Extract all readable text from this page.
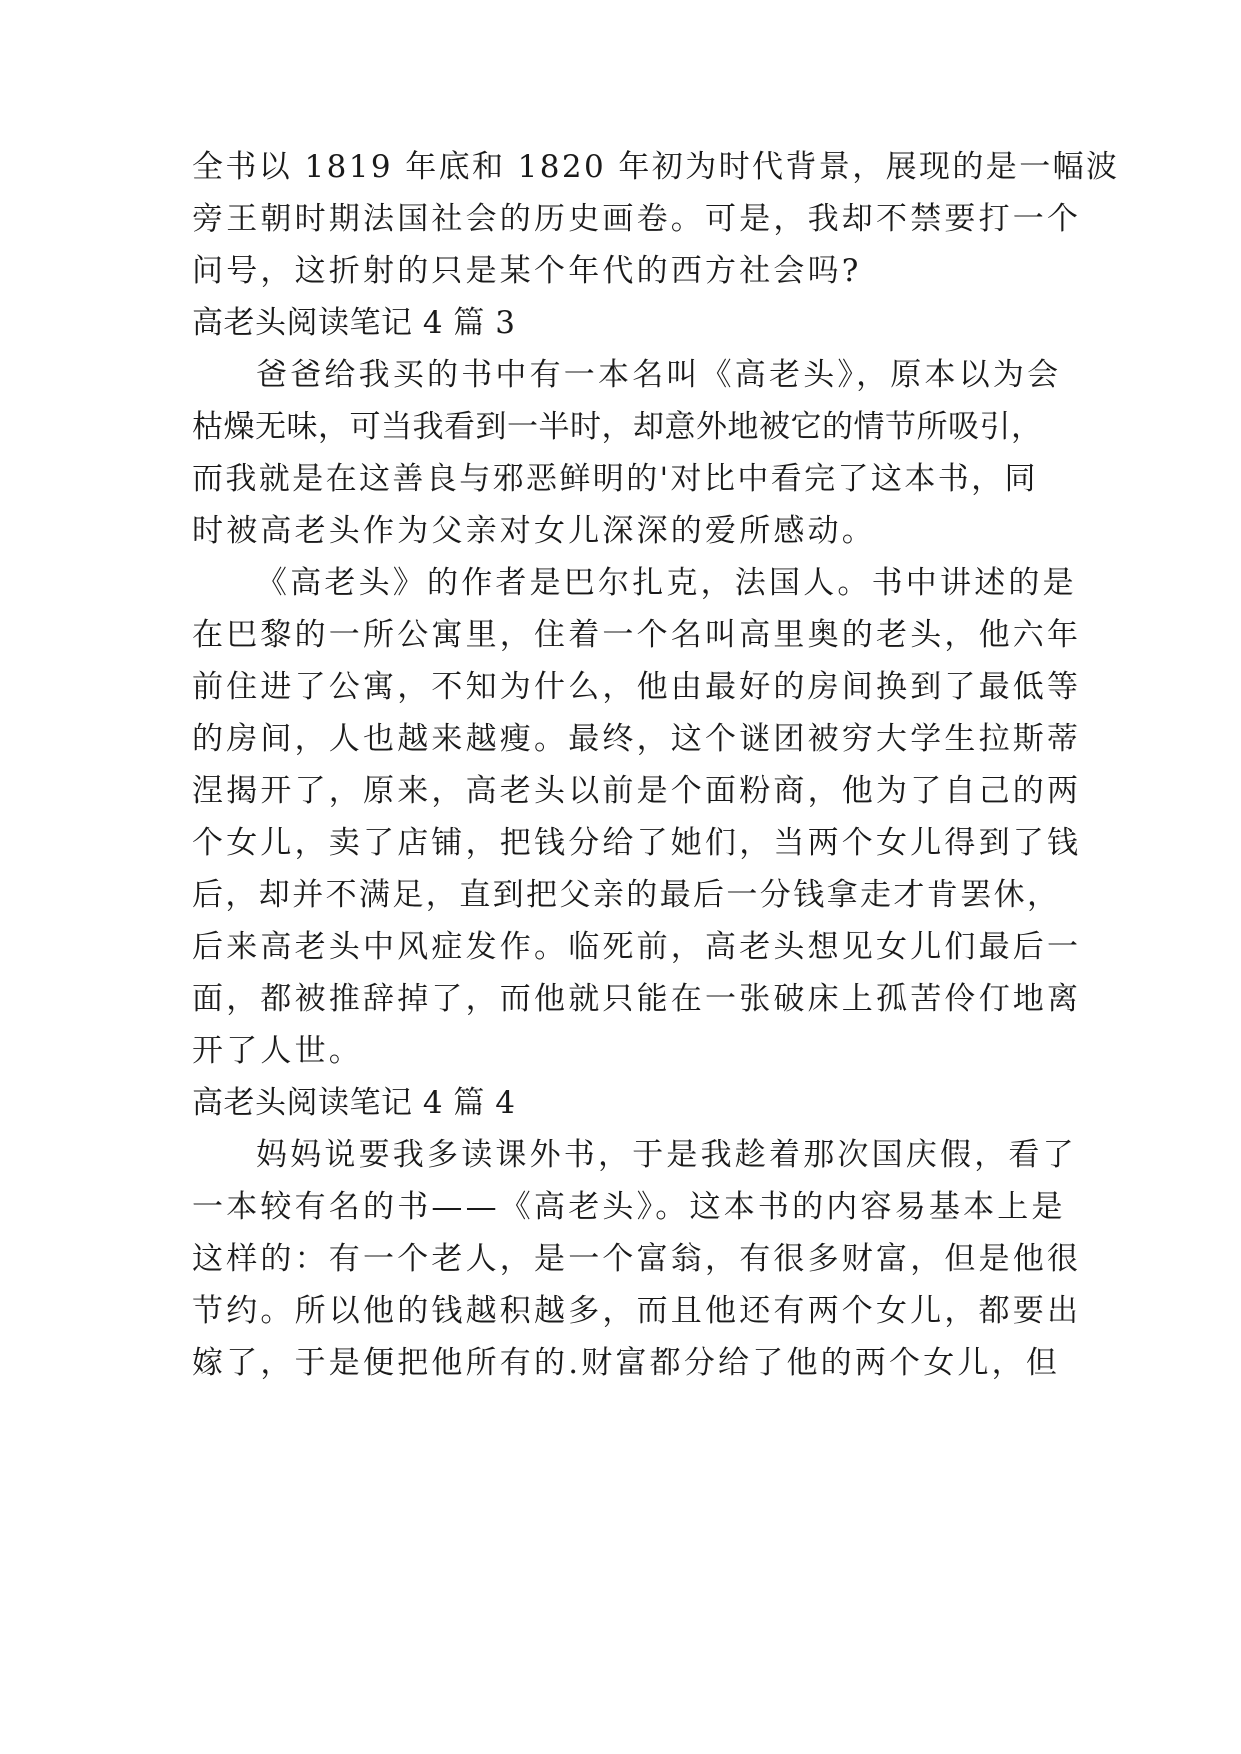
全书以 1819 年底和 1820 年初为时代背景，展现的是一幅波

旁王朝时期法国社会的历史画卷。可是，我却不禁要打一个

问号，这折射的只是某个年代的西方社会吗?

高老头阅读笔记 4 篇 3

爸爸给我买的书中有一本名叫《高老头》，原本以为会

枯燥无味，可当我看到一半时，却意外地被它的情节所吸引，

而我就是在这善良与邪恶鲜明的'对比中看完了这本书，同

时被高老头作为父亲对女儿深深的爱所感动。

《高老头》的作者是巴尔扎克，法国人。书中讲述的是

在巴黎的一所公寓里，住着一个名叫高里奥的老头，他六年

前住进了公寓，不知为什么，他由最好的房间换到了最低等

的房间，人也越来越瘦。最终，这个谜团被穷大学生拉斯蒂

涅揭开了，原来，高老头以前是个面粉商，他为了自己的两

个女儿，卖了店铺，把钱分给了她们，当两个女儿得到了钱

后，却并不满足，直到把父亲的最后一分钱拿走才肯罢休，

后来高老头中风症发作。临死前，高老头想见女儿们最后一

面，都被推辞掉了，而他就只能在一张破床上孤苦伶仃地离

开了人世。

高老头阅读笔记 4 篇 4

妈妈说要我多读课外书，于是我趁着那次国庆假，看了

一本较有名的书——《高老头》。这本书的内容易基本上是

这样的：有一个老人，是一个富翁，有很多财富，但是他很

节约。所以他的钱越积越多，而且他还有两个女儿，都要出

嫁了，于是便把他所有的.财富都分给了他的两个女儿，但
